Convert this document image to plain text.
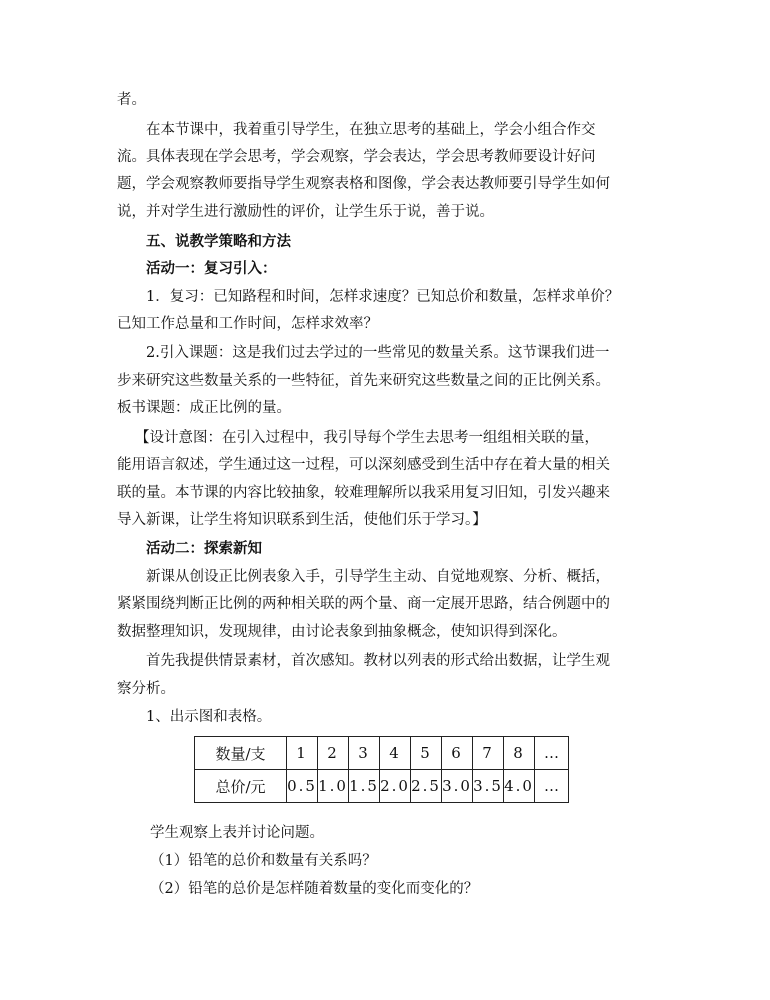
者。
在本节课中，我着重引导学生，在独立思考的基础上，学会小组合作交
流。具体表现在学会思考，学会观察，学会表达，学会思考教师要设计好问
题，学会观察教师要指导学生观察表格和图像，学会表达教师要引导学生如何
说，并对学生进行激励性的评价，让学生乐于说，善于说。
五、说教学策略和方法
活动一：复习引入：
1．复习：已知路程和时间，怎样求速度？已知总价和数量，怎样求单价？
已知工作总量和工作时间，怎样求效率？
2.引入课题：这是我们过去学过的一些常见的数量关系。这节课我们进一
步来研究这些数量关系的一些特征，首先来研究这些数量之间的正比例关系。
板书课题：成正比例的量。
【设计意图：在引入过程中，我引导每个学生去思考一组组相关联的量，
能用语言叙述，学生通过这一过程，可以深刻感受到生活中存在着大量的相关
联的量。本节课的内容比较抽象，较难理解所以我采用复习旧知，引发兴趣来
导入新课，让学生将知识联系到生活，使他们乐于学习。】
活动二：探索新知
新课从创设正比例表象入手，引导学生主动、自觉地观察、分析、概括，
紧紧围绕判断正比例的两种相关联的两个量、商一定展开思路，结合例题中的
数据整理知识，发现规律，由讨论表象到抽象概念，使知识得到深化。
首先我提供情景素材，首次感知。教材以列表的形式给出数据，让学生观
察分析。
1、出示图和表格。
数量/支	1	2	3	4	5	6	7	8	…
总价/元	0.5	1.0	1.5	2.0	2.5	3.0	3.5	4.0	…
学生观察上表并讨论问题。
（1）铅笔的总价和数量有关系吗？
（2）铅笔的总价是怎样随着数量的变化而变化的？
